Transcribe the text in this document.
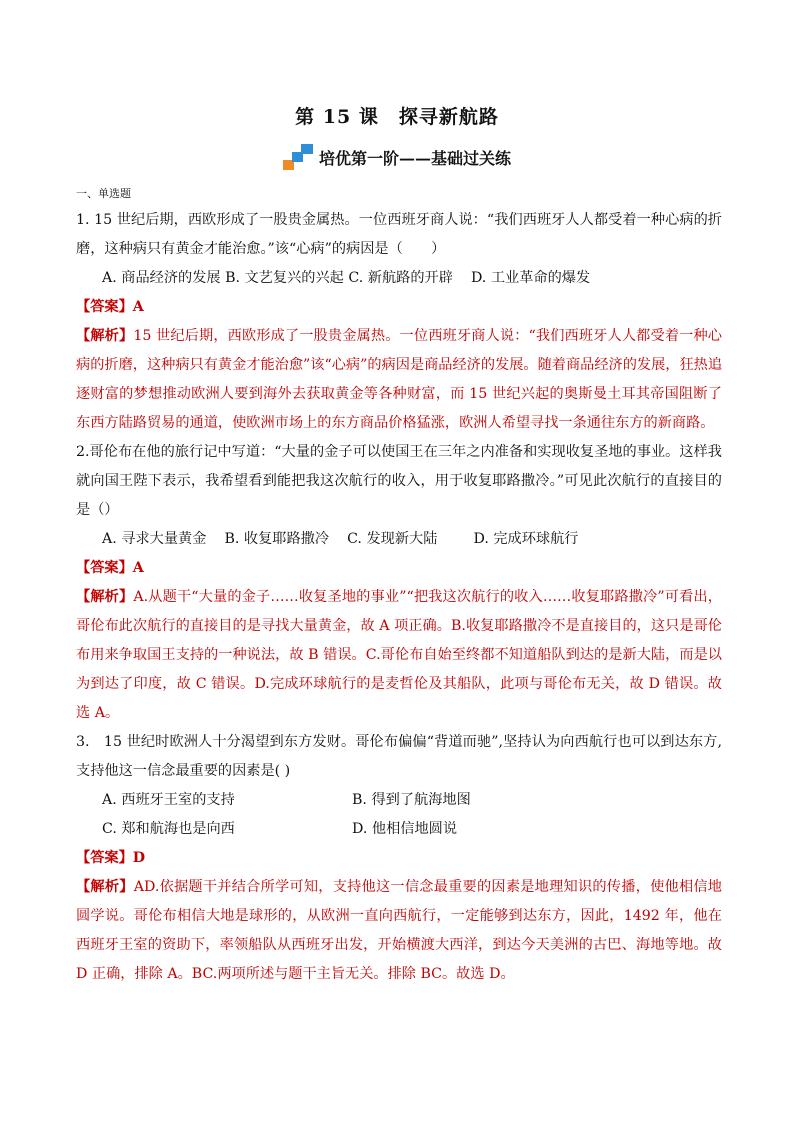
第 15 课　探寻新航路
培优第一阶——基础过关练
一、单选题

1. 15 世纪后期，西欧形成了一股贵金属热。一位西班牙商人说：“我们西班牙人人都受着一种心病的折磨，这种病只有黄金才能治愈。”该“心病”的病因是（　　）

A. 商品经济的发展 B. 文艺复兴的兴起 C. 新航路的开辟 D. 工业革命的爆发

【答案】A

【解析】15 世纪后期，西欧形成了一股贵金属热。一位西班牙商人说：“我们西班牙人人都受着一种心病的折磨，这种病只有黄金才能治愈”该“心病”的病因是商品经济的发展。随着商品经济的发展，狂热追逐财富的梦想推动欧洲人要到海外去获取黄金等各种财富，而 15 世纪兴起的奥斯曼土耳其帝国阻断了东西方陆路贸易的通道，使欧洲市场上的东方商品价格猛涨，欧洲人希望寻找一条通往东方的新商路。

2.哥伦布在他的旅行记中写道：“大量的金子可以使国王在三年之内准备和实现收复圣地的事业。这样我就向国王陛下表示，我希望看到能把我这次航行的收入，用于收复耶路撒冷。”可见此次航行的直接目的是（）

A. 寻求大量黄金 B. 收复耶路撒冷 C. 发现新大陆	D. 完成环球航行

【答案】A

【解析】A.从题干“大量的金子……收复圣地的事业”“把我这次航行的收入……收复耶路撒冷”可看出，哥伦布此次航行的直接目的是寻找大量黄金，故 A 项正确。B.收复耶路撒冷不是直接目的，这只是哥伦布用来争取国王支持的一种说法，故 B 错误。C.哥伦布自始至终都不知道船队到达的是新大陆，而是以为到达了印度，故 C 错误。D.完成环球航行的是麦哲伦及其船队，此项与哥伦布无关，故 D 错误。故选 A。

3.　15 世纪时欧洲人十分渴望到东方发财。哥伦布偏偏“背道而驰”,坚持认为向西航行也可以到达东方,支持他这一信念最重要的因素是( )

A. 西班牙王室的支持	B. 得到了航海地图
C. 郑和航海也是向西	D. 他相信地圆说

【答案】D

【解析】AD.依据题干并结合所学可知，支持他这一信念最重要的因素是地理知识的传播，使他相信地圆学说。哥伦布相信大地是球形的，从欧洲一直向西航行，一定能够到达东方，因此，1492 年，他在西班牙王室的资助下，率领船队从西班牙出发，开始横渡大西洋，到达今天美洲的古巴、海地等地。故 D 正确，排除 A。BC.两项所述与题干主旨无关。排除 BC。故选 D。
